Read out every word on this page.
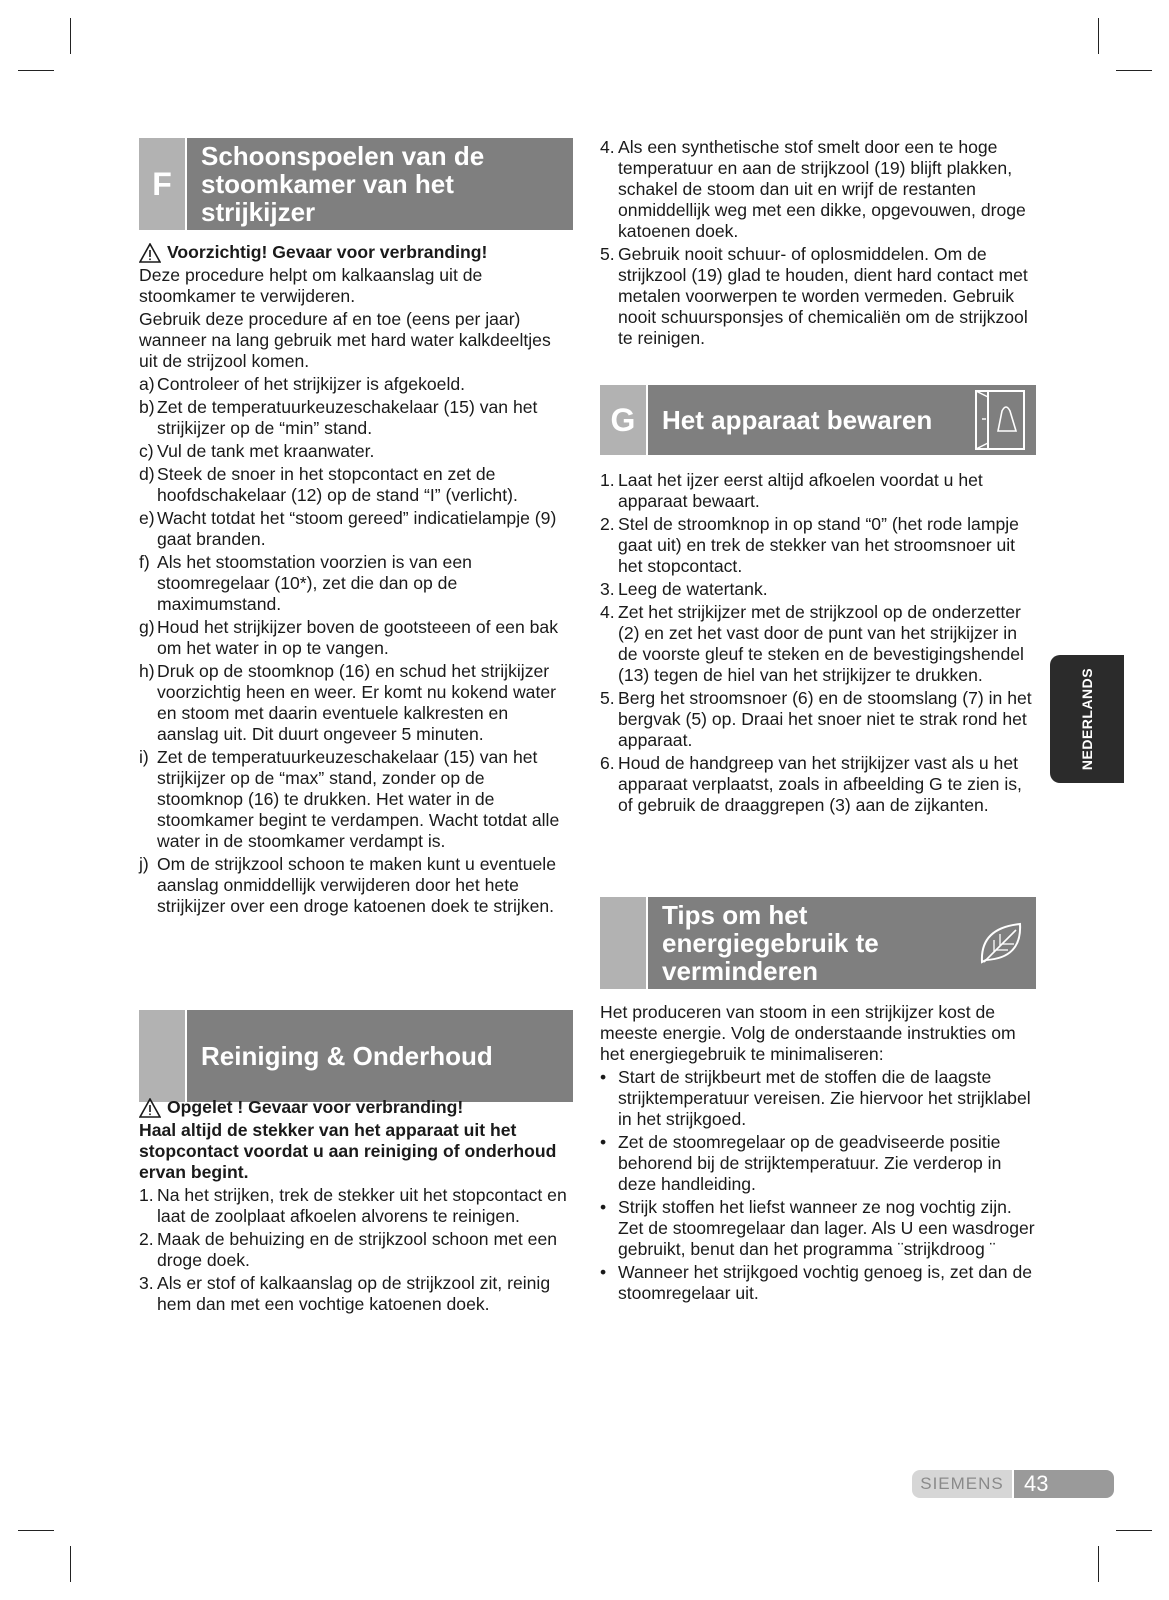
F
Schoonspoelen van de stoomkamer van het strijkijzer
Voorzichtig! Gevaar voor verbranding!

Deze procedure helpt om kalkaanslag uit de stoomkamer te verwijderen.

Gebruik deze procedure af en toe (eens per jaar) wanneer na lang gebruik met hard water kalkdeeltjes uit de strijzool komen.

a) Controleer of het strijkijzer is afgekoeld.
b) Zet de temperatuurkeuzeschakelaar (15) van het strijkijzer op de “min” stand.
c) Vul de tank met kraanwater.
d) Steek de snoer in het stopcontact en zet de hoofdschakelaar (12) op de stand “I” (verlicht).
e) Wacht totdat het “stoom gereed” indicatielampje (9) gaat branden.
f) Als het stoomstation voorzien is van een stoomregelaar (10*), zet die dan op de maximumstand.
g) Houd het strijkijzer boven de gootsteeen of een bak om het water in op te vangen.
h) Druk op de stoomknop (16) en schud het strijkijzer voorzichtig heen en weer. Er komt nu kokend water en stoom met daarin eventuele kalkresten en aanslag uit. Dit duurt ongeveer 5 minuten.
i) Zet de temperatuurkeuzeschakelaar (15) van het strijkijzer op de “max” stand, zonder op de stoomknop (16) te drukken. Het water in de stoomkamer begint te verdampen. Wacht totdat alle water in de stoomkamer verdampt is.
j) Om de strijkzool schoon te maken kunt u eventuele aanslag onmiddellijk verwijderen door het hete strijkijzer over een droge katoenen doek te strijken.
Reiniging & Onderhoud
Opgelet ! Gevaar voor verbranding!

Haal altijd de stekker van het apparaat uit het stopcontact voordat u aan reiniging of onderhoud ervan begint.

1. Na het strijken, trek de stekker uit het stopcontact en laat de zoolplaat afkoelen alvorens te reinigen.
2. Maak de behuizing en de strijkzool schoon met een droge doek.
3. Als er stof of kalkaanslag op de strijkzool zit, reinig hem dan met een vochtige katoenen doek.
4. Als een synthetische stof smelt door een te hoge temperatuur en aan de strijkzool (19) blijft plakken, schakel de stoom dan uit en wrijf de restanten onmiddellijk weg met een dikke, opgevouwen, droge katoenen doek.
5. Gebruik nooit schuur- of oplosmiddelen. Om de strijkzool (19) glad te houden, dient hard contact met metalen voorwerpen te worden vermeden. Gebruik nooit schuursponsjes of chemicaliën om de strijkzool te reinigen.
G	Het apparaat bewaren
1. Laat het ijzer eerst altijd afkoelen voordat u het apparaat bewaart.
2. Stel de stroomknop in op stand “0” (het rode lampje gaat uit) en trek de stekker van het stroomsnoer uit het stopcontact.
3. Leeg de watertank.
4. Zet het strijkijzer met de strijkzool op de onderzetter (2) en zet het vast door de punt van het strijkijzer in de voorste gleuf te steken en de bevestigingshendel (13) tegen de hiel van het strijkijzer te drukken.
5. Berg het stroomsnoer (6) en de stoomslang (7) in het bergvak (5) op. Draai het snoer niet te strak rond het apparaat.
6. Houd de handgreep van het strijkijzer vast als u het apparaat verplaatst, zoals in afbeelding G te zien is, of gebruik de draaggrepen (3) aan de zijkanten.
Tips om het energiegebruik te verminderen

Het produceren van stoom in een strijkijzer kost de meeste energie. Volg de onderstaande instrukties om het energiegebruik te minimaliseren:

• Start de strijkbeurt met de stoffen die de laagste strijktemperatuur vereisen. Zie hiervoor het strijklabel in het strijkgoed.
• Zet de stoomregelaar op de geadviseerde positie behorend bij de strijktemperatuur. Zie verderop in deze handleiding.
• Strijk stoffen het liefst wanneer ze nog vochtig zijn. Zet de stoomregelaar dan lager. Als U een wasdroger gebruikt, benut dan het programma ¨strijkdroog ¨
• Wanneer het strijkgoed vochtig genoeg is, zet dan de stoomregelaar uit.
NEDERLANDS
SIEMENS 43
